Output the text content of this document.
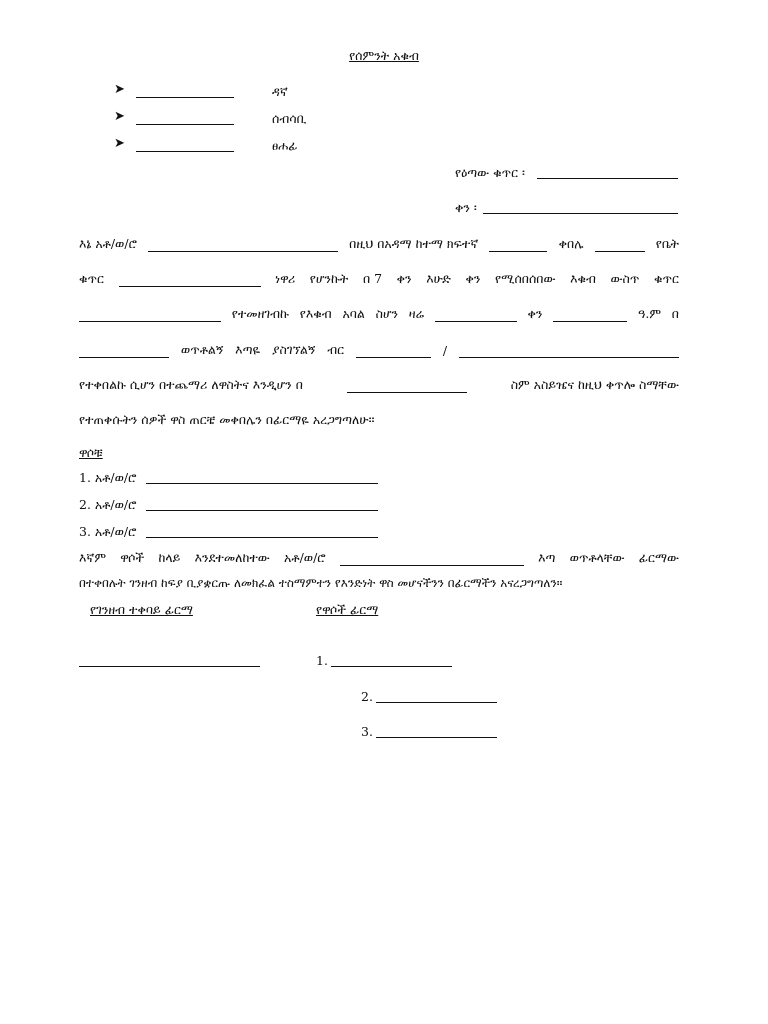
የሰምንት አቁብ
➤	ዳኛ
➤	ሰብሳቢ
➤	ፀሐፊ
የዕጣው ቁጥር ፡
ቀን ፡
እኔ አቶ/ወ/ሮ	በዚህ በአዳማ ከተማ ክፍተኛ	ቀበሌ	የቤት
ቁጥር	ነዋሪ የሆንኩት በ 7 ቀን እሁድ ቀን የሚሰበሰበው እቁብ ውስጥ ቁጥር
የተመዘገብኩ የእቁብ አባል ስሆን ዛሬ	ቀን	ዓ.ም በ
ወጥቶልኝ እጣዬ ያስገኘልኝ ብር	/
የተቀበልኩ ሲሆን በተጨማሪ ለዋስትና እንዲሆን በ	ስም አስይዤና ከዚህ ቀጥሎ ስማቸው
የተጠቀሱትን ሰዎች ዋስ ጠርቼ መቀበሌን በፊርማዬ አረጋግጣለሁ።
ዋሶቹ
1. አቶ/ወ/ሮ
2. አቶ/ወ/ሮ
3. አቶ/ወ/ሮ
እኛም ዋሶች ከላይ እንደተመለከተው አቶ/ወ/ሮ	እጣ ወጥቶላቸው ፊርማው
በተቀበሉት ገንዘብ ከፍያ ቢያቋርጡ ለመክፈል ተስማምተን የእንድነት ዋስ መሆናችንን በፊርማችን አናረጋግጣለን።
የገንዘብ ተቀባይ ፊርማ	የዋሶች ፊርማ
1.
2.
3.
